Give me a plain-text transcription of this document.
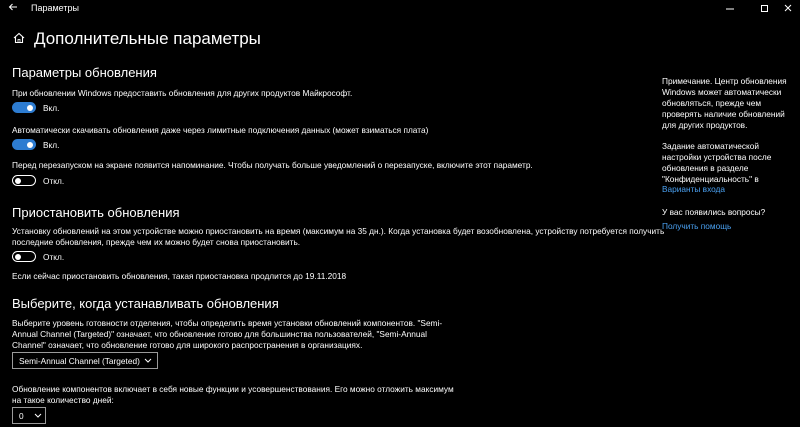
Параметры
Дополнительные параметры
Параметры обновления
При обновлении Windows предоставить обновления для других продуктов Майкрософт.
Вкл.
Автоматически скачивать обновления даже через лимитные подключения данных (может взиматься плата)
Вкл.
Перед перезапуском на экране появится напоминание. Чтобы получать больше уведомлений о перезапуске, включите этот параметр.
Откл.
Приостановить обновления
Установку обновлений на этом устройстве можно приостановить на время (максимум на 35 дн.). Когда установка будет возобновлена, устройству потребуется получить
последние обновления, прежде чем их можно будет снова приостановить.
Откл.
Если сейчас приостановить обновления, такая приостановка продлится до 19.11.2018
Выберите, когда устанавливать обновления
Выберите уровень готовности отделения, чтобы определить время установки обновлений компонентов. "Semi-
Annual Channel (Targeted)" означает, что обновление готово для большинства пользователей, "Semi-Annual
Channel" означает, что обновление готово для широкого распространения в организациях.
Semi-Annual Channel (Targeted)
Обновление компонентов включает в себя новые функции и усовершенствования. Его можно отложить максимум
на такое количество дней:
0
Примечание. Центр обновления
Windows может автоматически
обновляться, прежде чем
проверять наличие обновлений
для других продуктов.
Задание автоматической
настройки устройства после
обновления в разделе
"Конфиденциальность" в
Варианты входа
У вас появились вопросы?
Получить помощь
